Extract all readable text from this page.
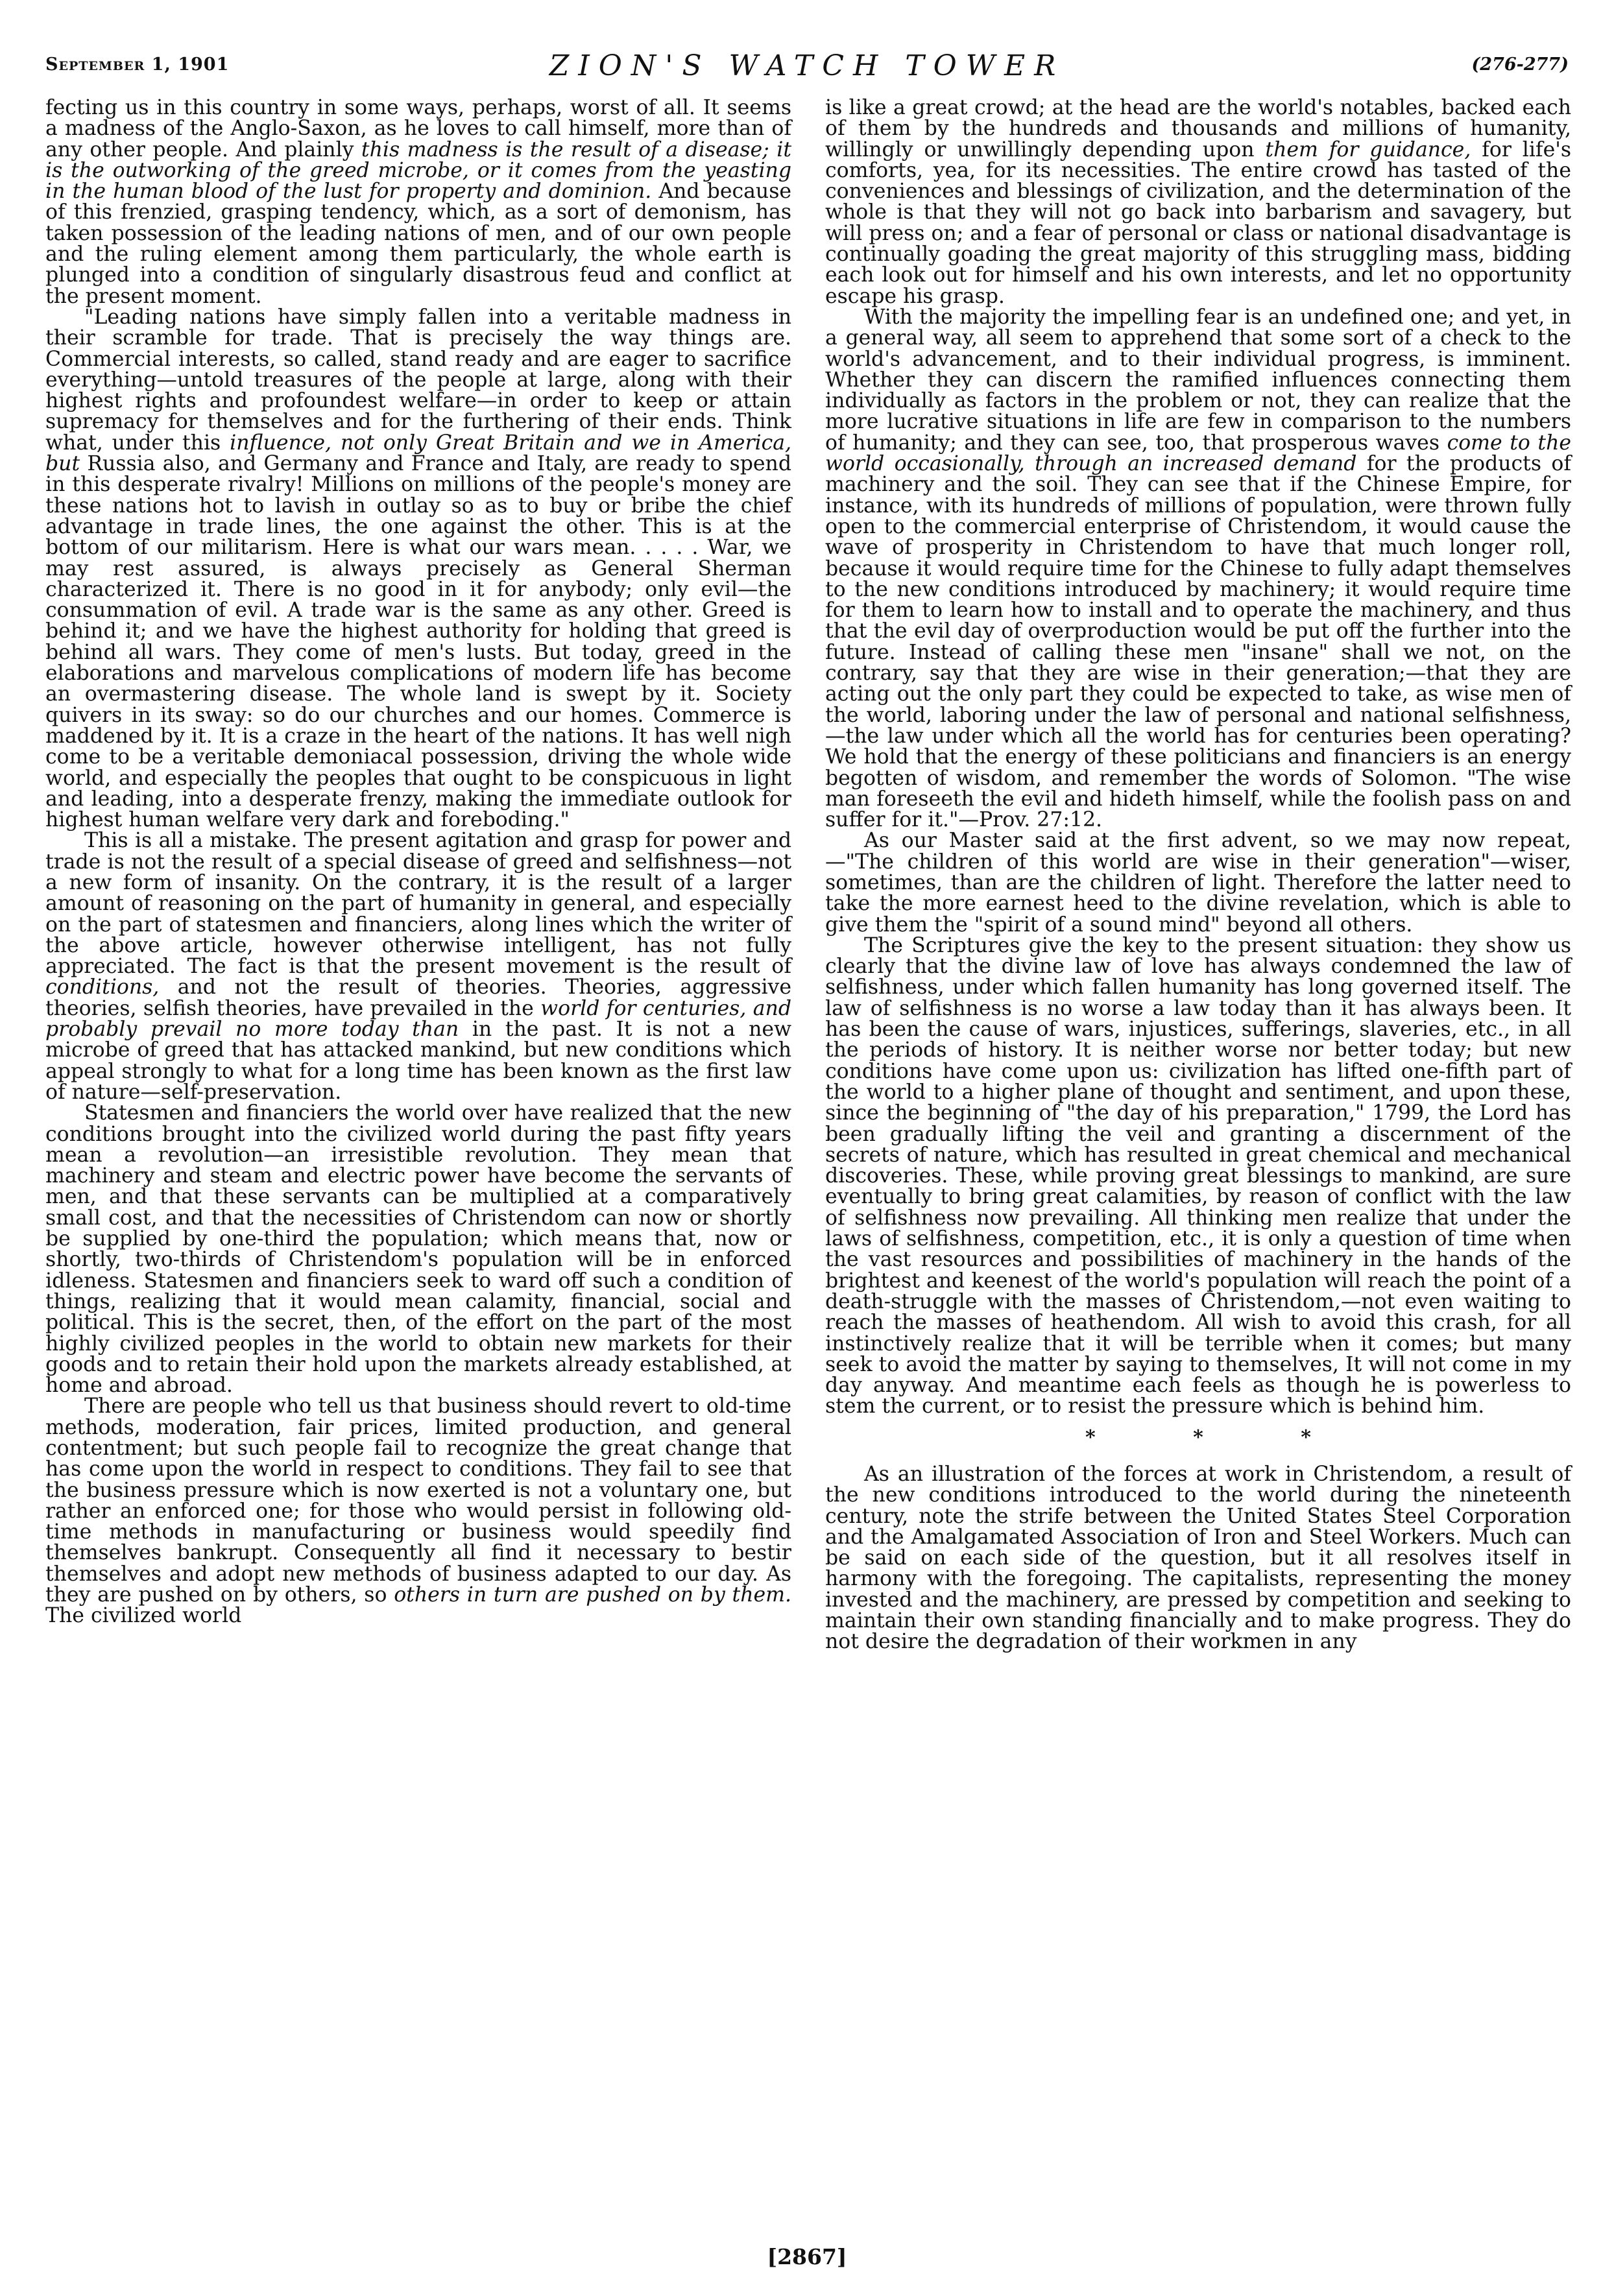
September 1, 1901	ZION'S WATCH TOWER	(276-277)

fecting us in this country in some ways, perhaps, worst of all. It seems a madness of the Anglo-Saxon, as he loves to call himself, more than of any other people. And plainly this madness is the result of a disease; it is the outworking of the greed microbe, or it comes from the yeasting in the human blood of the lust for property and dominion. And because of this frenzied, grasping tendency, which, as a sort of demonism, has taken possession of the leading nations of men, and of our own people and the ruling element among them particularly, the whole earth is plunged into a condition of singularly disastrous feud and conflict at the present moment.

"Leading nations have simply fallen into a veritable madness in their scramble for trade. That is precisely the way things are. Commercial interests, so called, stand ready and are eager to sacrifice everything—untold treasures of the people at large, along with their highest rights and profoundest welfare—in order to keep or attain supremacy for themselves and for the furthering of their ends. Think what, under this influence, not only Great Britain and we in America, but Russia also, and Germany and France and Italy, are ready to spend in this desperate rivalry! Millions on millions of the people's money are these nations hot to lavish in outlay so as to buy or bribe the chief advantage in trade lines, the one against the other. This is at the bottom of our militarism. Here is what our wars mean. . . . . War, we may rest assured, is always precisely as General Sherman characterized it. There is no good in it for anybody; only evil—the consummation of evil. A trade war is the same as any other. Greed is behind it; and we have the highest authority for holding that greed is behind all wars. They come of men's lusts. But today, greed in the elaborations and marvelous complications of modern life has become an overmastering disease. The whole land is swept by it. Society quivers in its sway: so do our churches and our homes. Commerce is maddened by it. It is a craze in the heart of the nations. It has well nigh come to be a veritable demoniacal possession, driving the whole wide world, and especially the peoples that ought to be conspicuous in light and leading, into a desperate frenzy, making the immediate outlook for highest human welfare very dark and foreboding."

This is all a mistake. The present agitation and grasp for power and trade is not the result of a special disease of greed and selfishness—not a new form of insanity. On the contrary, it is the result of a larger amount of reasoning on the part of humanity in general, and especially on the part of statesmen and financiers, along lines which the writer of the above article, however otherwise intelligent, has not fully appreciated. The fact is that the present movement is the result of conditions, and not the result of theories. Theories, aggressive theories, selfish theories, have prevailed in the world for centuries, and probably prevail no more today than in the past. It is not a new microbe of greed that has attacked mankind, but new conditions which appeal strongly to what for a long time has been known as the first law of nature—self-preservation.

Statesmen and financiers the world over have realized that the new conditions brought into the civilized world during the past fifty years mean a revolution—an irresistible revolution. They mean that machinery and steam and electric power have become the servants of men, and that these servants can be multiplied at a comparatively small cost, and that the necessities of Christendom can now or shortly be supplied by one-third the population; which means that, now or shortly, two-thirds of Christendom's population will be in enforced idleness. Statesmen and financiers seek to ward off such a condition of things, realizing that it would mean calamity, financial, social and political. This is the secret, then, of the effort on the part of the most highly civilized peoples in the world to obtain new markets for their goods and to retain their hold upon the markets already established, at home and abroad.

There are people who tell us that business should revert to old-time methods, moderation, fair prices, limited production, and general contentment; but such people fail to recognize the great change that has come upon the world in respect to conditions. They fail to see that the business pressure which is now exerted is not a voluntary one, but rather an enforced one; for those who would persist in following old-time methods in manufacturing or business would speedily find themselves bankrupt. Consequently all find it necessary to bestir themselves and adopt new methods of business adapted to our day. As they are pushed on by others, so others in turn are pushed on by them. The civilized world

is like a great crowd; at the head are the world's notables, backed each of them by the hundreds and thousands and millions of humanity, willingly or unwillingly depending upon them for guidance, for life's comforts, yea, for its necessities. The entire crowd has tasted of the conveniences and blessings of civilization, and the determination of the whole is that they will not go back into barbarism and savagery, but will press on; and a fear of personal or class or national disadvantage is continually goading the great majority of this struggling mass, bidding each look out for himself and his own interests, and let no opportunity escape his grasp.

With the majority the impelling fear is an undefined one; and yet, in a general way, all seem to apprehend that some sort of a check to the world's advancement, and to their individual progress, is imminent. Whether they can discern the ramified influences connecting them individually as factors in the problem or not, they can realize that the more lucrative situations in life are few in comparison to the numbers of humanity; and they can see, too, that prosperous waves come to the world occasionally, through an increased demand for the products of machinery and the soil. They can see that if the Chinese Empire, for instance, with its hundreds of millions of population, were thrown fully open to the commercial enterprise of Christendom, it would cause the wave of prosperity in Christendom to have that much longer roll, because it would require time for the Chinese to fully adapt themselves to the new conditions introduced by machinery; it would require time for them to learn how to install and to operate the machinery, and thus that the evil day of overproduction would be put off the further into the future. Instead of calling these men "insane" shall we not, on the contrary, say that they are wise in their generation;—that they are acting out the only part they could be expected to take, as wise men of the world, laboring under the law of personal and national selfishness,—the law under which all the world has for centuries been operating? We hold that the energy of these politicians and financiers is an energy begotten of wisdom, and remember the words of Solomon. "The wise man foreseeth the evil and hideth himself, while the foolish pass on and suffer for it."—Prov. 27:12.

As our Master said at the first advent, so we may now repeat,—"The children of this world are wise in their generation"—wiser, sometimes, than are the children of light. Therefore the latter need to take the more earnest heed to the divine revelation, which is able to give them the "spirit of a sound mind" beyond all others.

The Scriptures give the key to the present situation: they show us clearly that the divine law of love has always condemned the law of selfishness, under which fallen humanity has long governed itself. The law of selfishness is no worse a law today than it has always been. It has been the cause of wars, injustices, sufferings, slaveries, etc., in all the periods of history. It is neither worse nor better today; but new conditions have come upon us: civilization has lifted one-fifth part of the world to a higher plane of thought and sentiment, and upon these, since the beginning of "the day of his preparation," 1799, the Lord has been gradually lifting the veil and granting a discernment of the secrets of nature, which has resulted in great chemical and mechanical discoveries. These, while proving great blessings to mankind, are sure eventually to bring great calamities, by reason of conflict with the law of selfishness now prevailing. All thinking men realize that under the laws of selfishness, competition, etc., it is only a question of time when the vast resources and possibilities of machinery in the hands of the brightest and keenest of the world's population will reach the point of a death-struggle with the masses of Christendom,—not even waiting to reach the masses of heathendom. All wish to avoid this crash, for all instinctively realize that it will be terrible when it comes; but many seek to avoid the matter by saying to themselves, It will not come in my day anyway. And meantime each feels as though he is powerless to stem the current, or to resist the pressure which is behind him.

* * *

As an illustration of the forces at work in Christendom, a result of the new conditions introduced to the world during the nineteenth century, note the strife between the United States Steel Corporation and the Amalgamated Association of Iron and Steel Workers. Much can be said on each side of the question, but it all resolves itself in harmony with the foregoing. The capitalists, representing the money invested and the machinery, are pressed by competition and seeking to maintain their own standing financially and to make progress. They do not desire the degradation of their workmen in any

[2867]
